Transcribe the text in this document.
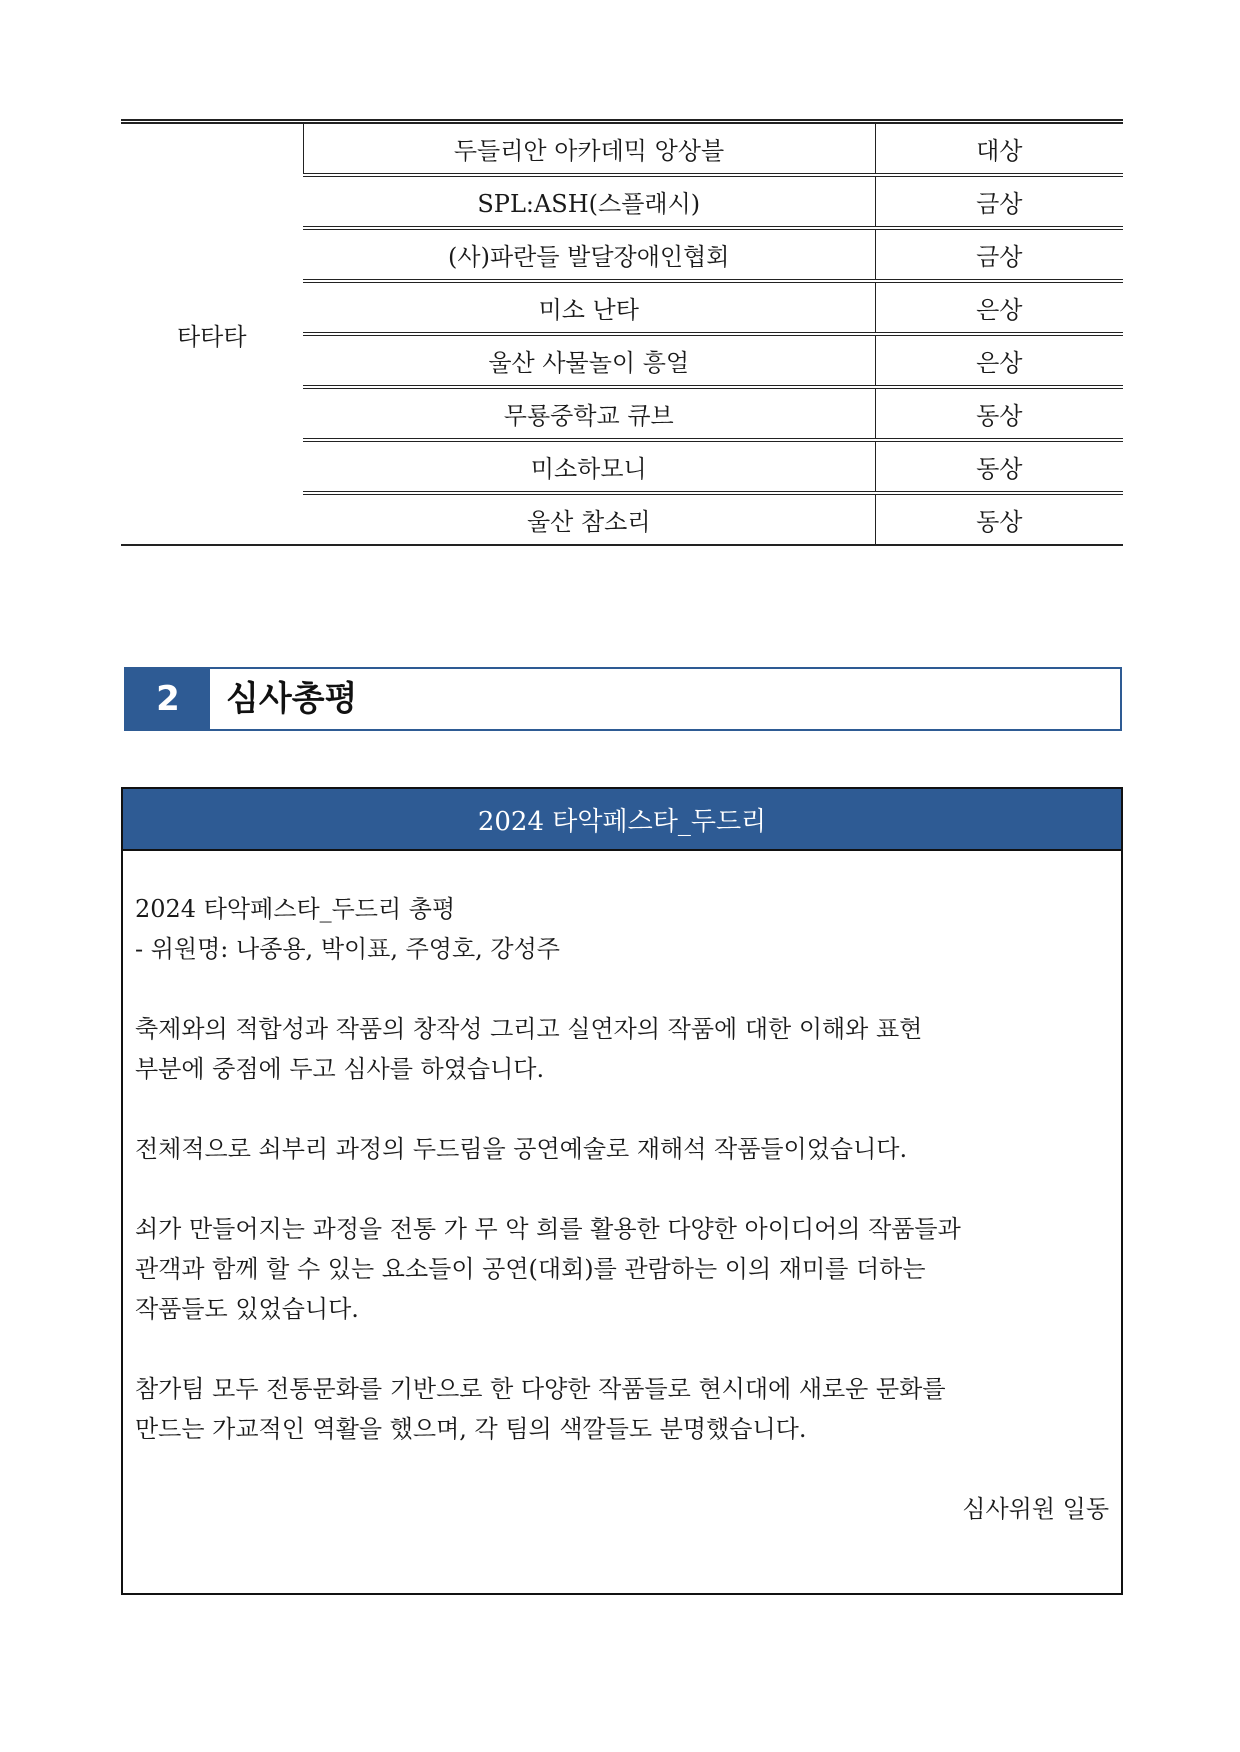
타타타	두들리안 아카데믹 앙상블	대상
	SPL:ASH(스플래시)	금상
	(사)파란들 발달장애인협회	금상
	미소 난타	은상
	울산 사물놀이 흥얼	은상
	무룡중학교 큐브	동상
	미소하모니	동상
	울산 참소리	동상
2	심사총평
2024 타악페스타_두드리

2024 타악페스타_두드리 총평

- 위원명: 나종용, 박이표, 주영호, 강성주

축제와의 적합성과 작품의 창작성 그리고 실연자의 작품에 대한 이해와 표현

부분에 중점에 두고 심사를 하였습니다.

전체적으로 쇠부리 과정의 두드림을 공연예술로 재해석 작품들이었습니다.

쇠가 만들어지는 과정을 전통 가 무 악 희를 활용한 다양한 아이디어의 작품들과

관객과 함께 할 수 있는 요소들이 공연(대회)를 관람하는 이의 재미를 더하는

작품들도 있었습니다.

참가팀 모두 전통문화를 기반으로 한 다양한 작품들로 현시대에 새로운 문화를

만드는 가교적인 역활을 했으며, 각 팀의 색깔들도 분명했습니다.

심사위원 일동
